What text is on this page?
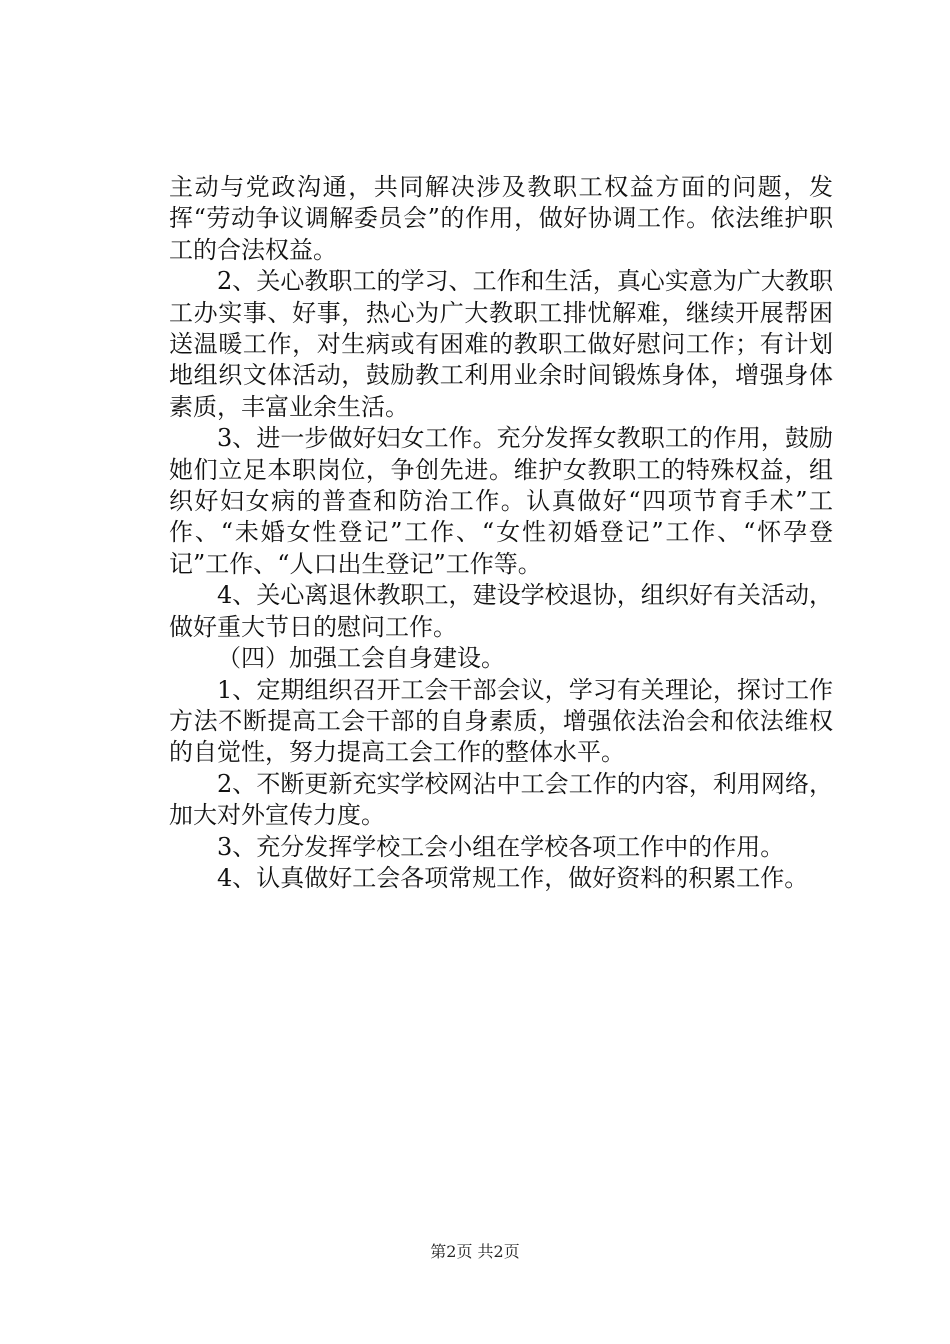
主动与党政沟通，共同解决涉及教职工权益方面的问题，发挥“劳动争议调解委员会”的作用，做好协调工作。依法维护职工的合法权益。

2、关心教职工的学习、工作和生活，真心实意为广大教职工办实事、好事，热心为广大教职工排忧解难，继续开展帮困送温暖工作，对生病或有困难的教职工做好慰问工作；有计划地组织文体活动，鼓励教工利用业余时间锻炼身体，增强身体素质，丰富业余生活。

3、进一步做好妇女工作。充分发挥女教职工的作用，鼓励她们立足本职岗位，争创先进。维护女教职工的特殊权益，组织好妇女病的普查和防治工作。认真做好“四项节育手术”工作、“未婚女性登记”工作、“女性初婚登记”工作、“怀孕登记”工作、“人口出生登记”工作等。

4、关心离退休教职工，建设学校退协，组织好有关活动，做好重大节日的慰问工作。

（四）加强工会自身建设。

1、定期组织召开工会干部会议，学习有关理论，探讨工作方法不断提高工会干部的自身素质，增强依法治会和依法维权的自觉性，努力提高工会工作的整体水平。

2、不断更新充实学校网沾中工会工作的内容，利用网络，加大对外宣传力度。

3、充分发挥学校工会小组在学校各项工作中的作用。

4、认真做好工会各项常规工作，做好资料的积累工作。

第2页 共2页
